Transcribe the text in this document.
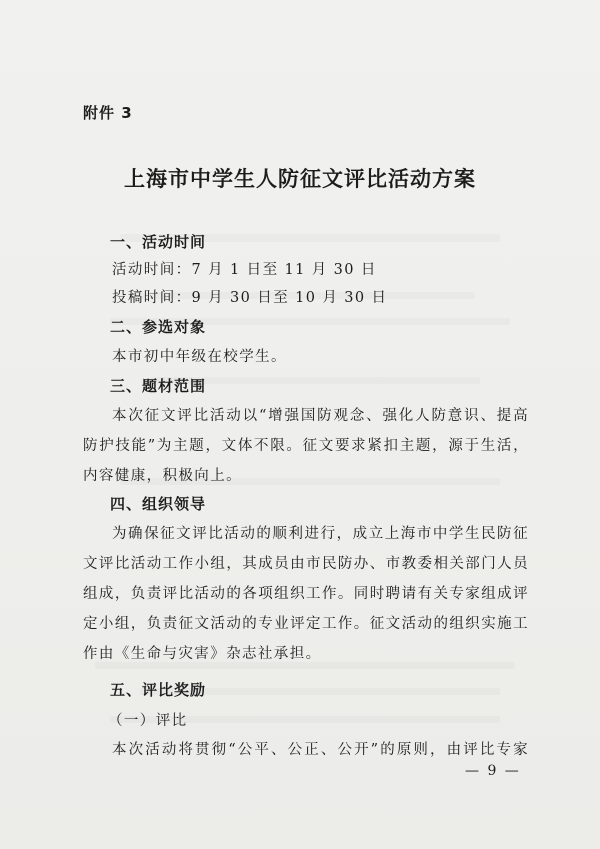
附件 3
上海市中学生人防征文评比活动方案
一、活动时间
活动时间：7 月 1 日至 11 月 30 日
投稿时间：9 月 30 日至 10 月 30 日
二、参选对象
本市初中年级在校学生。
三、题材范围
本次征文评比活动以“增强国防观念、强化人防意识、提高
防护技能”为主题，文体不限。征文要求紧扣主题，源于生活，
内容健康，积极向上。
四、组织领导
为确保征文评比活动的顺利进行，成立上海市中学生民防征
文评比活动工作小组，其成员由市民防办、市教委相关部门人员
组成，负责评比活动的各项组织工作。同时聘请有关专家组成评
定小组，负责征文活动的专业评定工作。征文活动的组织实施工
作由《生命与灾害》杂志社承担。
五、评比奖励
（一）评比
本次活动将贯彻“公平、公正、公开”的原则，由评比专家
— 9 —
